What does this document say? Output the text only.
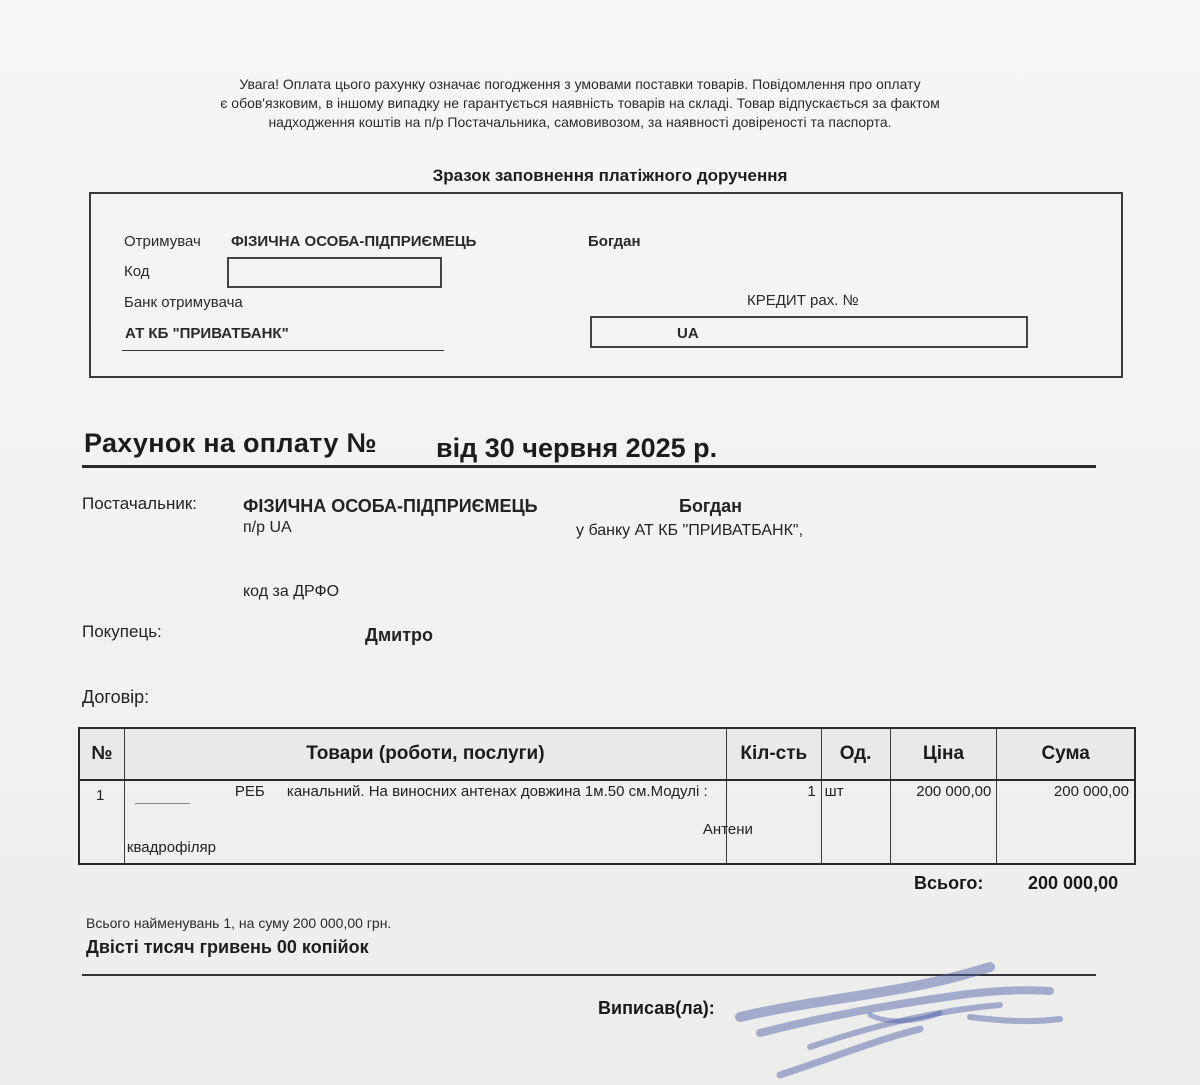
Увага! Оплата цього рахунку означає погодження з умовами поставки товарів. Повідомлення про оплату
є обов'язковим, в іншому випадку не гарантується наявність товарів на складі. Товар відпускається за фактом
надходження коштів на п/р Постачальника, самовивозом, за наявності довіреності та паспорта.
Зразок заповнення платіжного доручення
Отримувач ФІЗИЧНА ОСОБА-ПІДПРИЄМЕЦЬ	Богдан
Код
Банк отримувача	КРЕДИТ рах. №
АТ КБ "ПРИВАТБАНК"	UA
Рахунок на оплату № від 30 червня 2025 р.
Постачальник:	ФІЗИЧНА ОСОБА-ПІДПРИЄМЕЦЬ	Богдан
п/р UA	у банку АТ КБ "ПРИВАТБАНК",
код за ДРФО
Покупець:	Дмитро
Договір:
№	Товари (роботи, послуги)	Кіл-сть	Од.	Ціна	Сума
1	РЕБ канальний. На виносних антенах довжина 1м.50 см.Модулі :
Антени
квадрофіляр	1	шт	200 000,00	200 000,00
Всього: 200 000,00
Всього найменувань 1, на суму 200 000,00 грн.
Двісті тисяч гривень 00 копійок
Виписав(ла):
